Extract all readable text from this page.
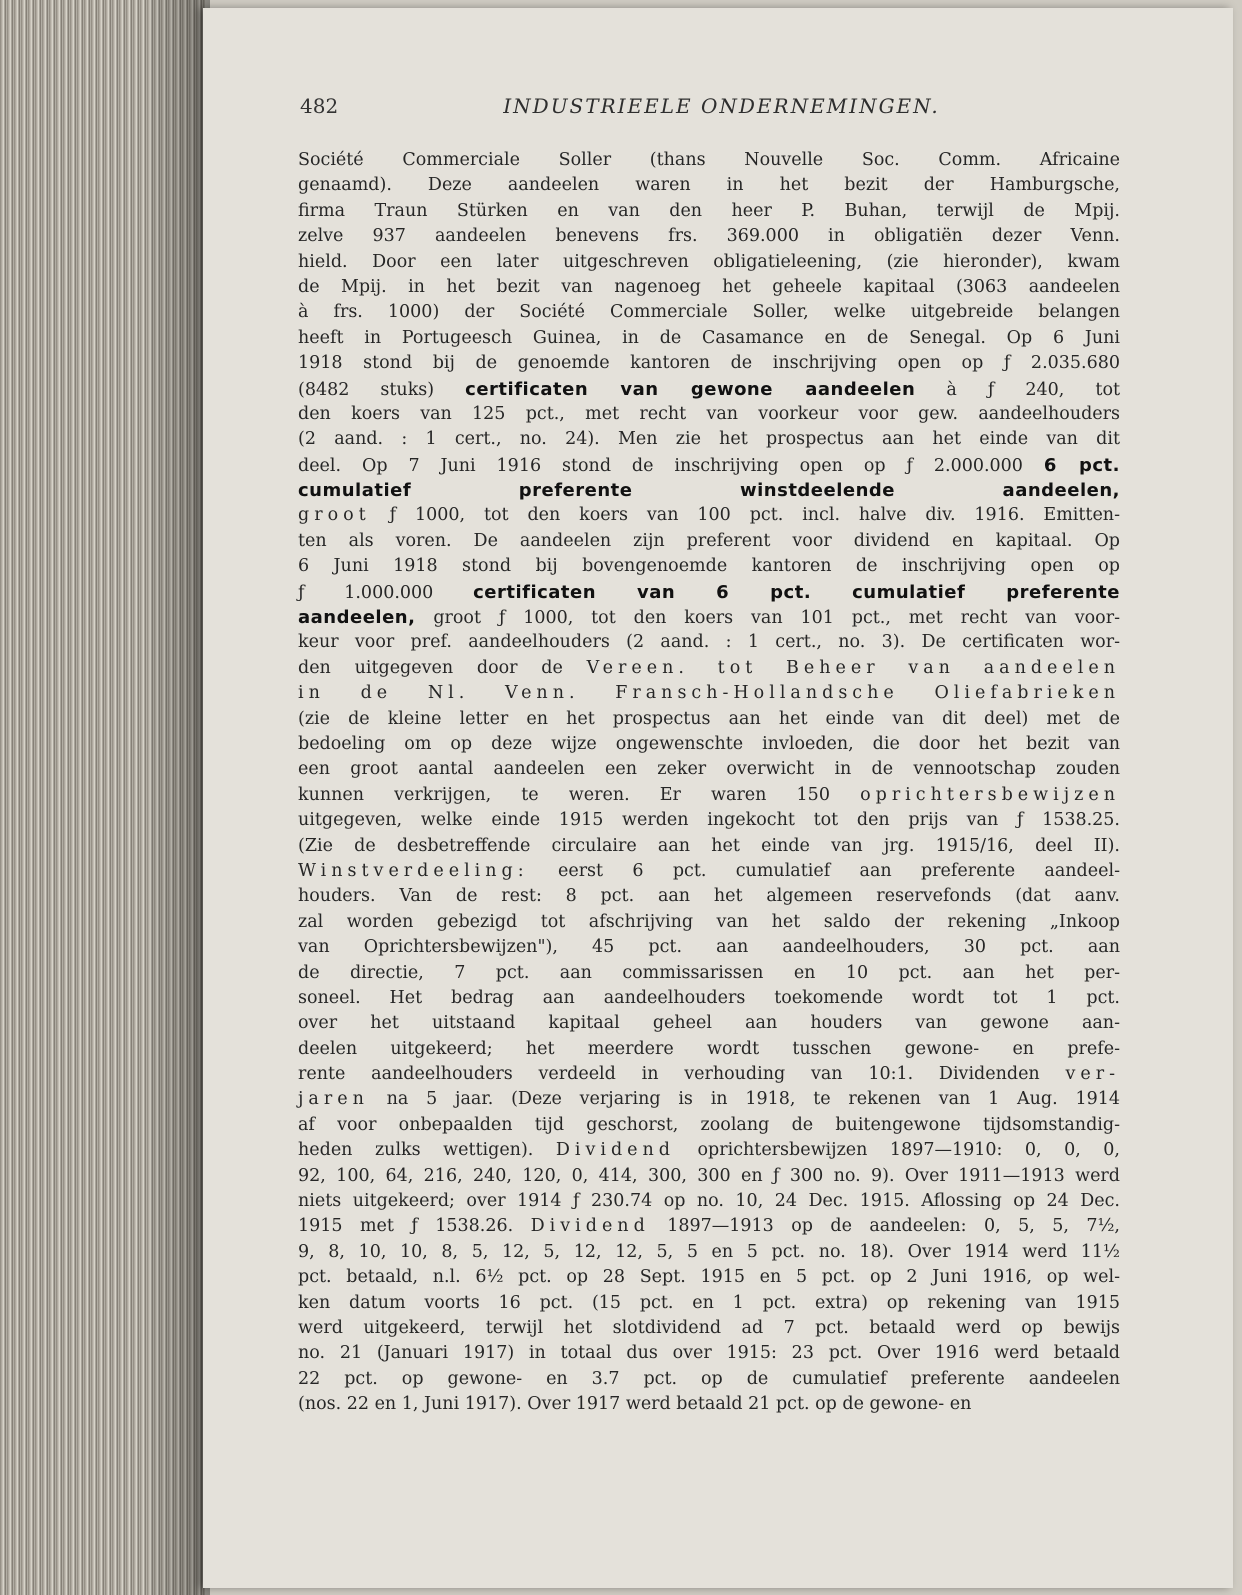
482	INDUSTRIEELE ONDERNEMINGEN.
Société Commerciale Soller (thans Nouvelle Soc. Comm. Africaine
genaamd). Deze aandeelen waren in het bezit der Hamburgsche,
firma Traun Stürken en van den heer P. Buhan, terwijl de Mpij.
zelve 937 aandeelen benevens frs. 369.000 in obligatiën dezer Venn.
hield. Door een later uitgeschreven obligatieleening, (zie hieronder), kwam
de Mpij. in het bezit van nagenoeg het geheele kapitaal (3063 aandeelen
à frs. 1000) der Société Commerciale Soller, welke uitgebreide belangen
heeft in Portugeesch Guinea, in de Casamance en de Senegal. Op 6 Juni
1918 stond bij de genoemde kantoren de inschrijving open op ƒ 2.035.680
(8482 stuks) certificaten van gewone aandeelen à ƒ 240, tot
den koers van 125 pct., met recht van voorkeur voor gew. aandeelhouders
(2 aand. : 1 cert., no. 24). Men zie het prospectus aan het einde van dit
deel. Op 7 Juni 1916 stond de inschrijving open op ƒ 2.000.000 6 pct.
cumulatief preferente winstdeelende aandeelen,
groot ƒ 1000, tot den koers van 100 pct. incl. halve div. 1916. Emitten-
ten als voren. De aandeelen zijn preferent voor dividend en kapitaal. Op
6 Juni 1918 stond bij bovengenoemde kantoren de inschrijving open op
ƒ 1.000.000 certificaten van 6 pct. cumulatief preferente
aandeelen, groot ƒ 1000, tot den koers van 101 pct., met recht van voor-
keur voor pref. aandeelhouders (2 aand. : 1 cert., no. 3). De certificaten wor-
den uitgegeven door de Vereen. tot Beheer van aandeelen
in de Nl. Venn. Fransch-Hollandsche Oliefabrieken
(zie de kleine letter en het prospectus aan het einde van dit deel) met de
bedoeling om op deze wijze ongewenschte invloeden, die door het bezit van
een groot aantal aandeelen een zeker overwicht in de vennootschap zouden
kunnen verkrijgen, te weren. Er waren 150 oprichtersbewijzen
uitgegeven, welke einde 1915 werden ingekocht tot den prijs van ƒ 1538.25.
(Zie de desbetreffende circulaire aan het einde van jrg. 1915/16, deel II).
Winstverdeeling: eerst 6 pct. cumulatief aan preferente aandeel-
houders. Van de rest: 8 pct. aan het algemeen reservefonds (dat aanv.
zal worden gebezigd tot afschrijving van het saldo der rekening „Inkoop
van Oprichtersbewijzen"), 45 pct. aan aandeelhouders, 30 pct. aan
de directie, 7 pct. aan commissarissen en 10 pct. aan het per-
soneel. Het bedrag aan aandeelhouders toekomende wordt tot 1 pct.
over het uitstaand kapitaal geheel aan houders van gewone aan-
deelen uitgekeerd; het meerdere wordt tusschen gewone- en prefe-
rente aandeelhouders verdeeld in verhouding van 10:1. Dividenden ver-
jaren na 5 jaar. (Deze verjaring is in 1918, te rekenen van 1 Aug. 1914
af voor onbepaalden tijd geschorst, zoolang de buitengewone tijdsomstandig-
heden zulks wettigen). Dividend oprichtersbewijzen 1897—1910: 0, 0, 0,
92, 100, 64, 216, 240, 120, 0, 414, 300, 300 en ƒ 300 no. 9). Over 1911—1913 werd
niets uitgekeerd; over 1914 ƒ 230.74 op no. 10, 24 Dec. 1915. Aflossing op 24 Dec.
1915 met ƒ 1538.26. Dividend 1897—1913 op de aandeelen: 0, 5, 5, 7½,
9, 8, 10, 10, 8, 5, 12, 5, 12, 12, 5, 5 en 5 pct. no. 18). Over 1914 werd 11½
pct. betaald, n.l. 6½ pct. op 28 Sept. 1915 en 5 pct. op 2 Juni 1916, op wel-
ken datum voorts 16 pct. (15 pct. en 1 pct. extra) op rekening van 1915
werd uitgekeerd, terwijl het slotdividend ad 7 pct. betaald werd op bewijs
no. 21 (Januari 1917) in totaal dus over 1915: 23 pct. Over 1916 werd betaald
22 pct. op gewone- en 3.7 pct. op de cumulatief preferente aandeelen
(nos. 22 en 1, Juni 1917). Over 1917 werd betaald 21 pct. op de gewone- en
